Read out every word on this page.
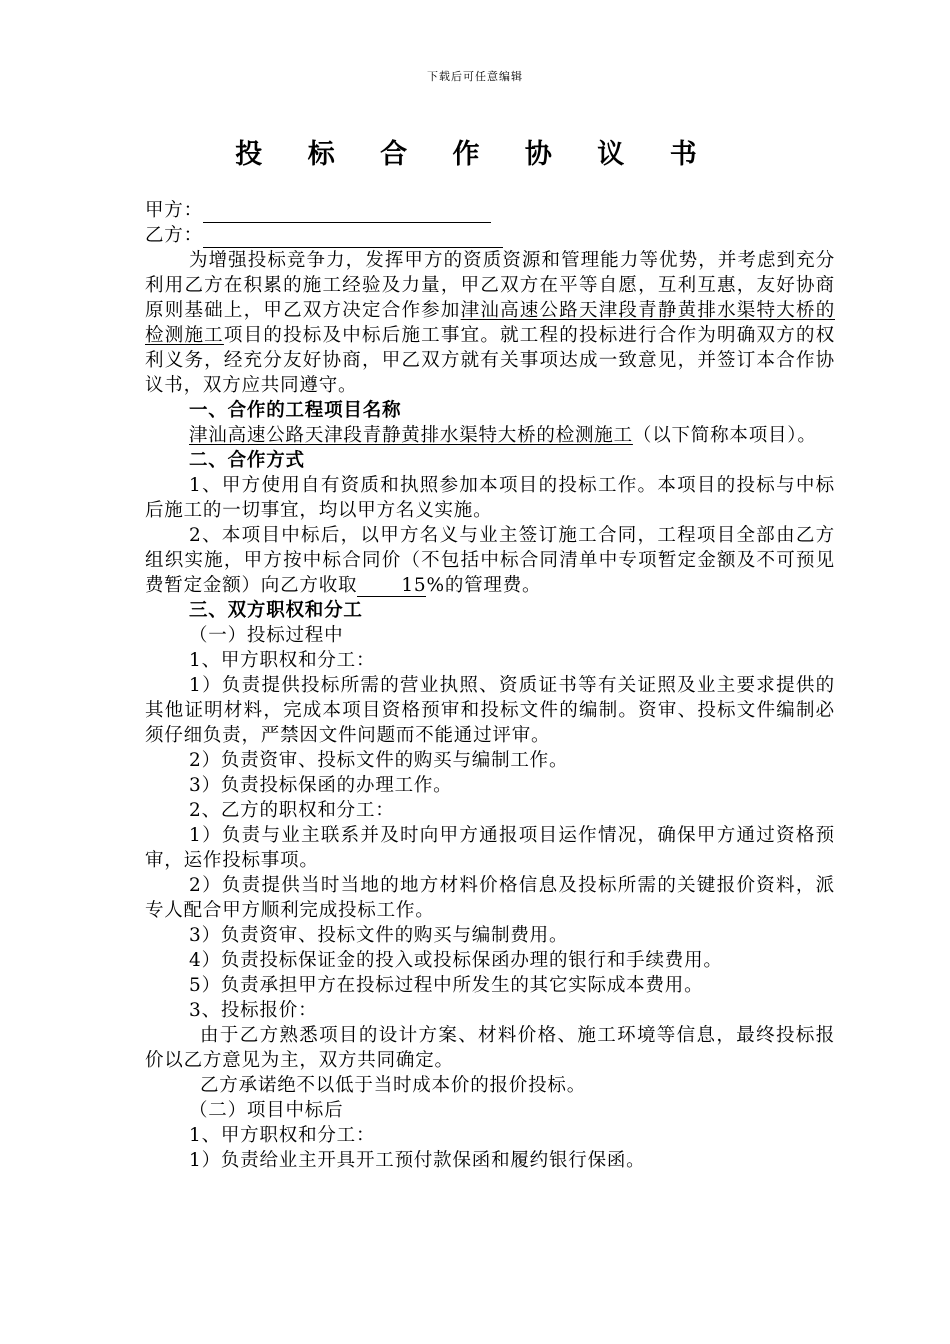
下载后可任意编辑
投 标 合 作 协 议 书

甲方：

乙方：

为增强投标竞争力，发挥甲方的资质资源和管理能力等优势，并考虑到充分利用乙方在积累的施工经验及力量，甲乙双方在平等自愿，互利互惠，友好协商原则基础上，甲乙双方决定合作参加津汕高速公路天津段青静黄排水渠特大桥的检测施工项目的投标及中标后施工事宜。就工程的投标进行合作为明确双方的权利义务，经充分友好协商，甲乙双方就有关事项达成一致意见，并签订本合作协议书，双方应共同遵守。

一、合作的工程项目名称

津汕高速公路天津段青静黄排水渠特大桥的检测施工（以下简称本项目）。

二、合作方式

1、甲方使用自有资质和执照参加本项目的投标工作。本项目的投标与中标后施工的一切事宜，均以甲方名义实施。

2、本项目中标后，以甲方名义与业主签订施工合同，工程项目全部由乙方组织实施，甲方按中标合同价（不包括中标合同清单中专项暂定金额及不可预见费暂定金额）向乙方收取 15%的管理费。

三、双方职权和分工

（一）投标过程中

1、甲方职权和分工：

1）负责提供投标所需的营业执照、资质证书等有关证照及业主要求提供的其他证明材料，完成本项目资格预审和投标文件的编制。资审、投标文件编制必须仔细负责，严禁因文件问题而不能通过评审。

2）负责资审、投标文件的购买与编制工作。

3）负责投标保函的办理工作。

2、乙方的职权和分工：

1）负责与业主联系并及时向甲方通报项目运作情况，确保甲方通过资格预审，运作投标事项。

2）负责提供当时当地的地方材料价格信息及投标所需的关键报价资料，派专人配合甲方顺利完成投标工作。

3）负责资审、投标文件的购买与编制费用。

4）负责投标保证金的投入或投标保函办理的银行和手续费用。

5）负责承担甲方在投标过程中所发生的其它实际成本费用。

3、投标报价：

由于乙方熟悉项目的设计方案、材料价格、施工环境等信息，最终投标报价以乙方意见为主，双方共同确定。

乙方承诺绝不以低于当时成本价的报价投标。

（二）项目中标后

1、甲方职权和分工：

1）负责给业主开具开工预付款保函和履约银行保函。
